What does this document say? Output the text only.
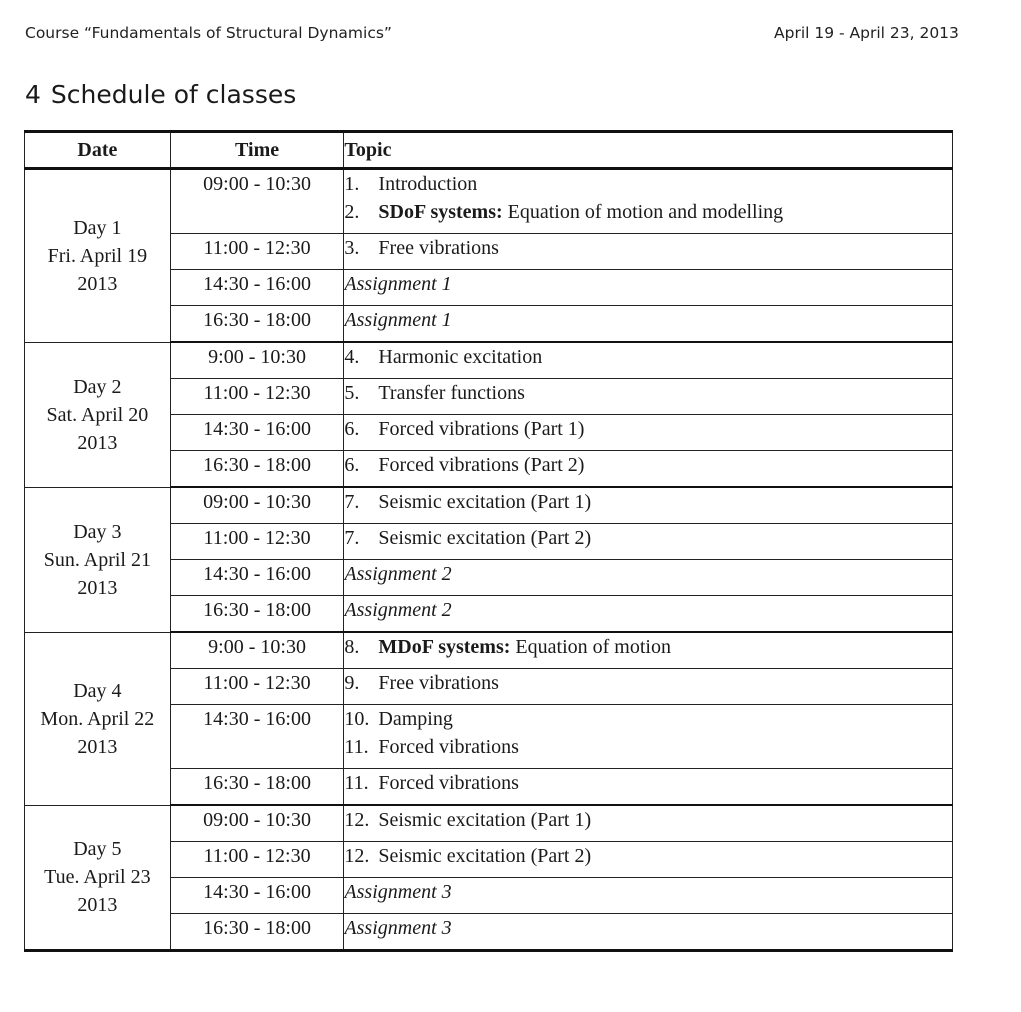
Course “Fundamentals of Structural Dynamics”	April 19 - April 23, 2013
4 Schedule of classes
Date	Time	Topic

Day 1
Fri. April 19
2013	09:00 - 10:30	1. Introduction
2. SDoF systems: Equation of motion and modelling

	11:00 - 12:30	3. Free vibrations

	14:30 - 16:00	Assignment 1
	16:30 - 18:00	Assignment 1

Day 2
Sat. April 20
2013	9:00 - 10:30	4. Harmonic excitation

	11:00 - 12:30	5. Transfer functions

	14:30 - 16:00	6. Forced vibrations (Part 1)

	16:30 - 18:00	6. Forced vibrations (Part 2)

Day 3
Sun. April 21
2013	09:00 - 10:30	7. Seismic excitation (Part 1)

	11:00 - 12:30	7. Seismic excitation (Part 2)

	14:30 - 16:00	Assignment 2
	16:30 - 18:00	Assignment 2

Day 4
Mon. April 22
2013	9:00 - 10:30	8. MDoF systems: Equation of motion

	11:00 - 12:30	9. Free vibrations

	14:30 - 16:00	10. Damping
11. Forced vibrations

	16:30 - 18:00	11. Forced vibrations

Day 5
Tue. April 23
2013	09:00 - 10:30	12. Seismic excitation (Part 1)

	11:00 - 12:30	12. Seismic excitation (Part 2)

	14:30 - 16:00	Assignment 3
	16:30 - 18:00	Assignment 3
